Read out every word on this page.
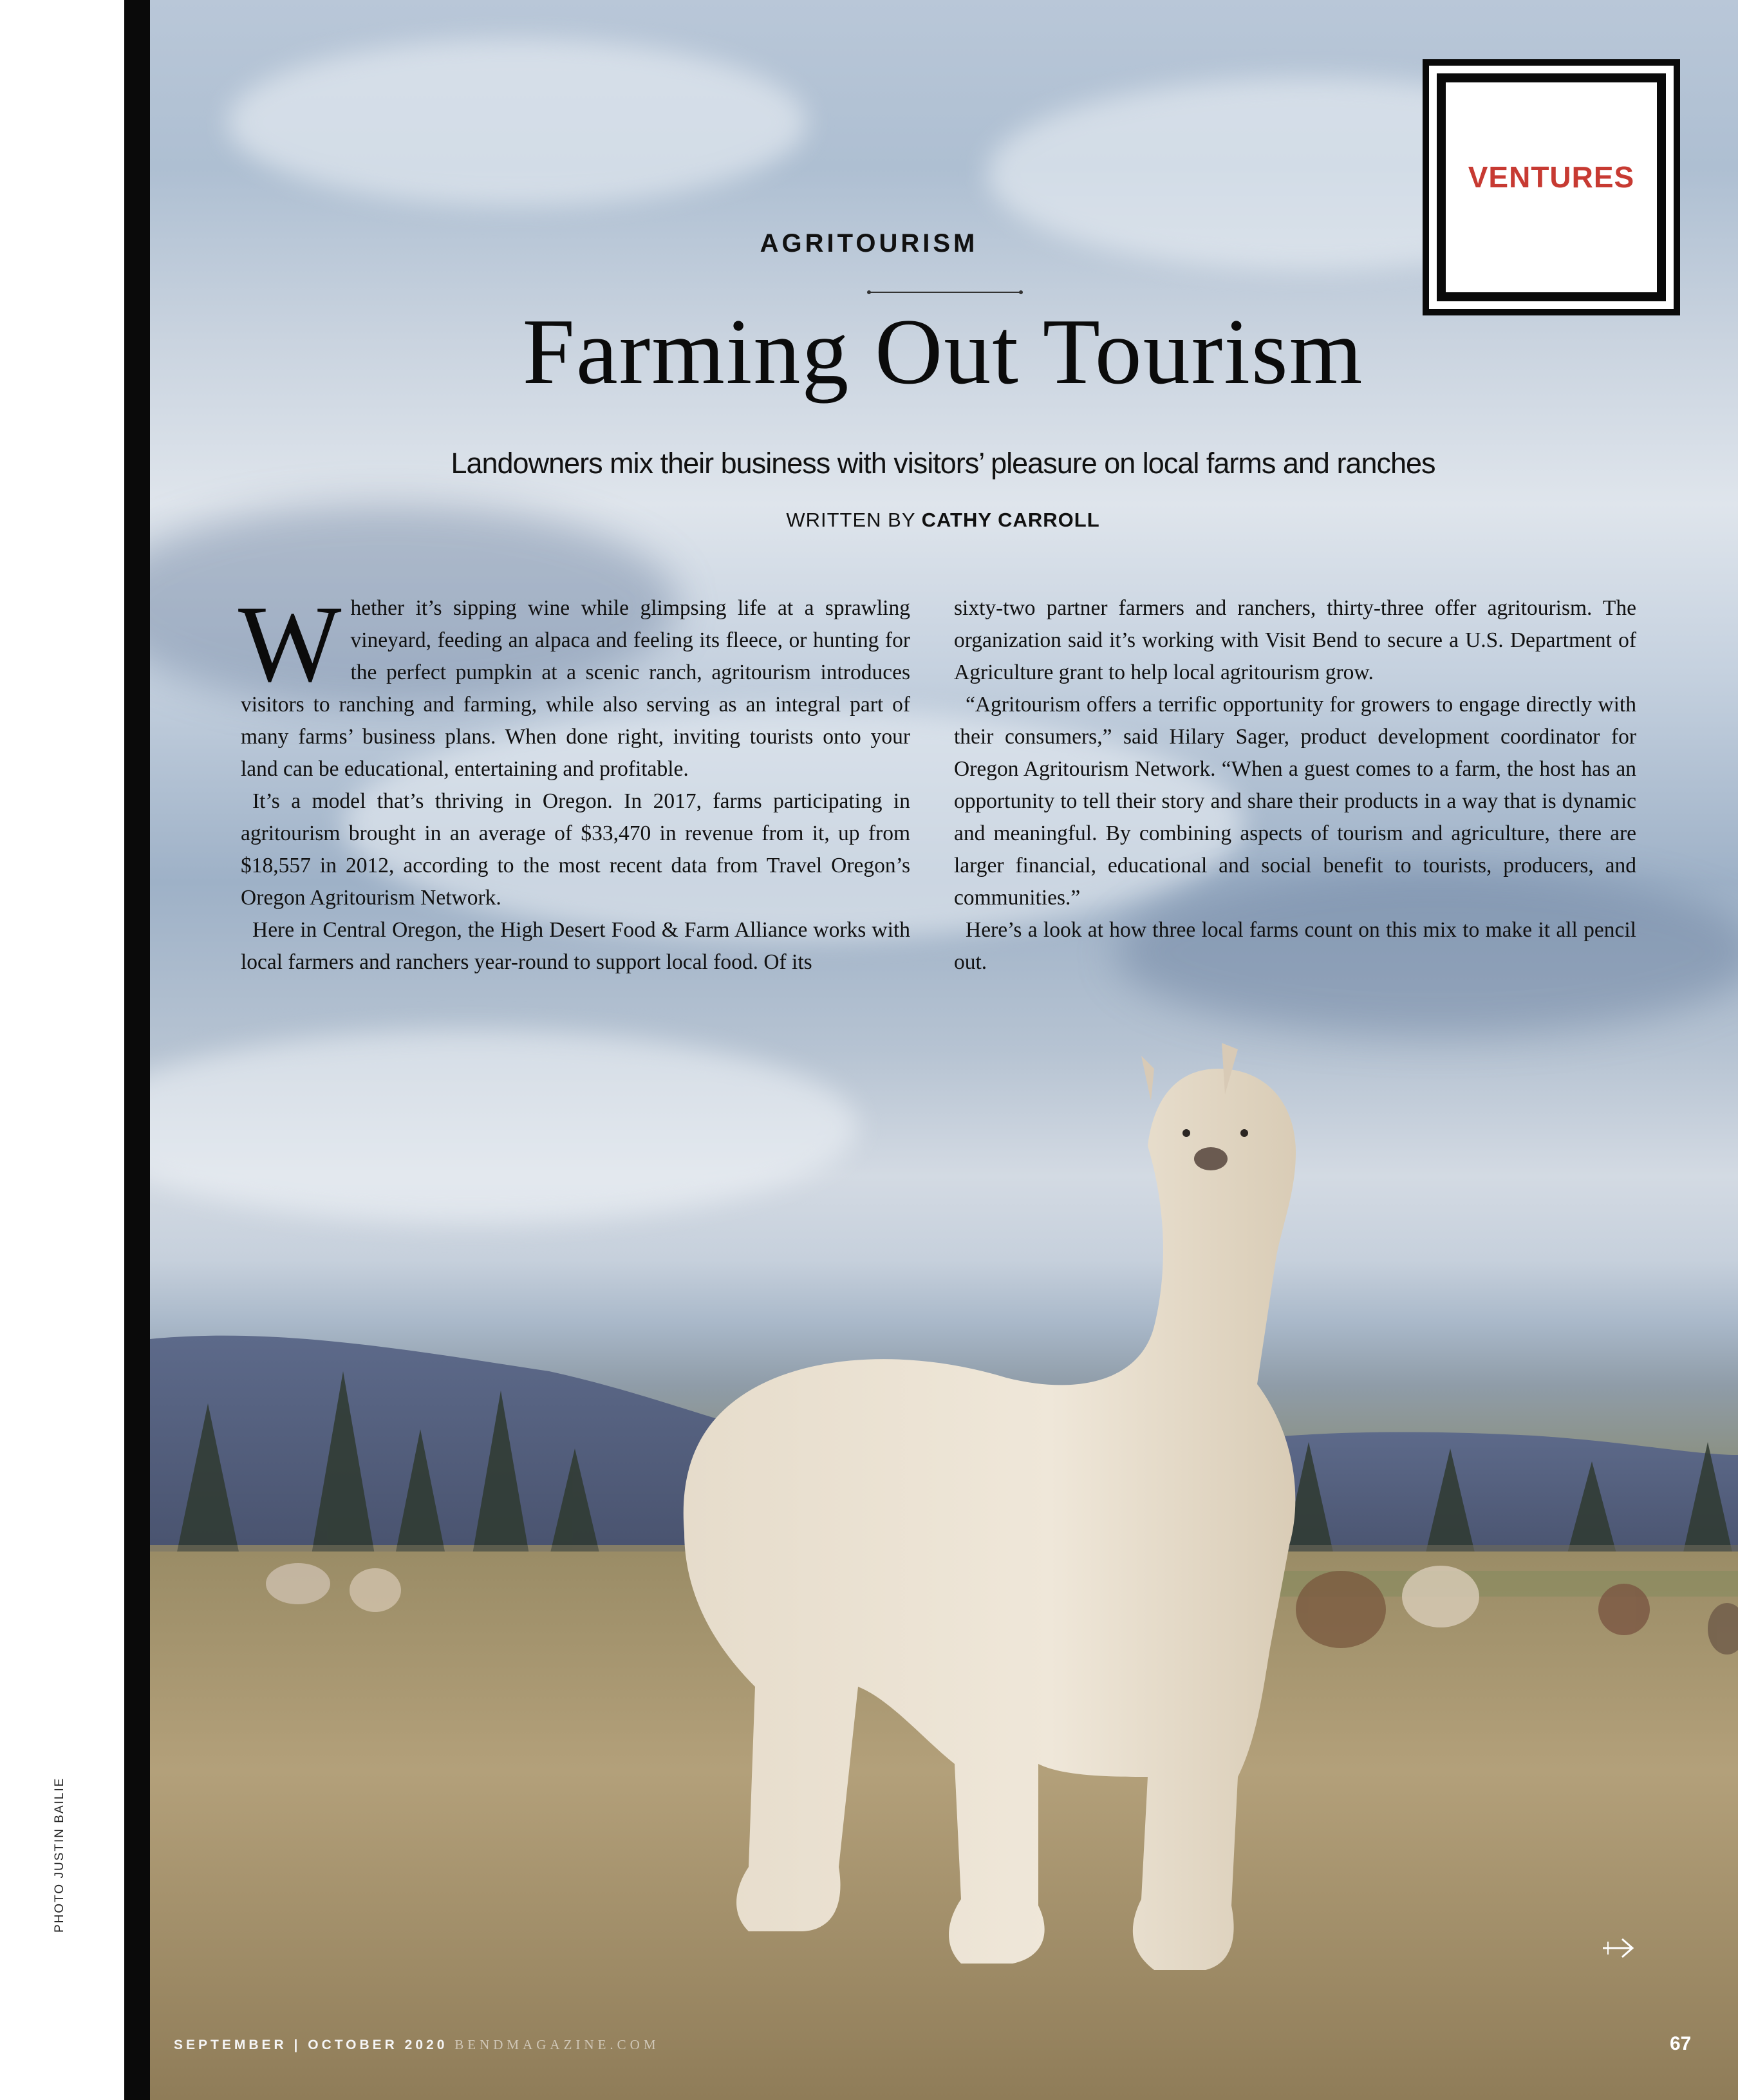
PHOTO JUSTIN BAILIE
VENTURES
AGRITOURISM
Farming Out Tourism
Landowners mix their business with visitors’ pleasure on local farms and ranches
WRITTEN BY CATHY CARROLL

Whether it’s sipping wine while glimpsing life at a sprawling vineyard, feeding an alpaca and feeling its fleece, or hunting for the perfect pumpkin at a scenic ranch, agritourism introduces visitors to ranching and farming, while also serving as an integral part of many farms’ business plans. When done right, inviting tourists onto your land can be educational, entertaining and profitable.

It’s a model that’s thriving in Oregon. In 2017, farms participating in agritourism brought in an average of $33,470 in revenue from it, up from $18,557 in 2012, according to the most recent data from Travel Oregon’s Oregon Agritourism Network.

Here in Central Oregon, the High Desert Food & Farm Alliance works with local farmers and ranchers year-round to support local food. Of its

sixty-two partner farmers and ranchers, thirty-three offer agritourism. The organization said it’s working with Visit Bend to secure a U.S. Department of Agriculture grant to help local agritourism grow.

“Agritourism offers a terrific opportunity for growers to engage directly with their consumers,” said Hilary Sager, product development coordinator for Oregon Agritourism Network. “When a guest comes to a farm, the host has an opportunity to tell their story and share their products in a way that is dynamic and meaningful. By combining aspects of tourism and agriculture, there are larger financial, educational and social benefit to tourists, producers, and communities.”

Here’s a look at how three local farms count on this mix to make it all pencil out.

SEPTEMBER | OCTOBER 2020 BENDMAGAZINE.COM	67
